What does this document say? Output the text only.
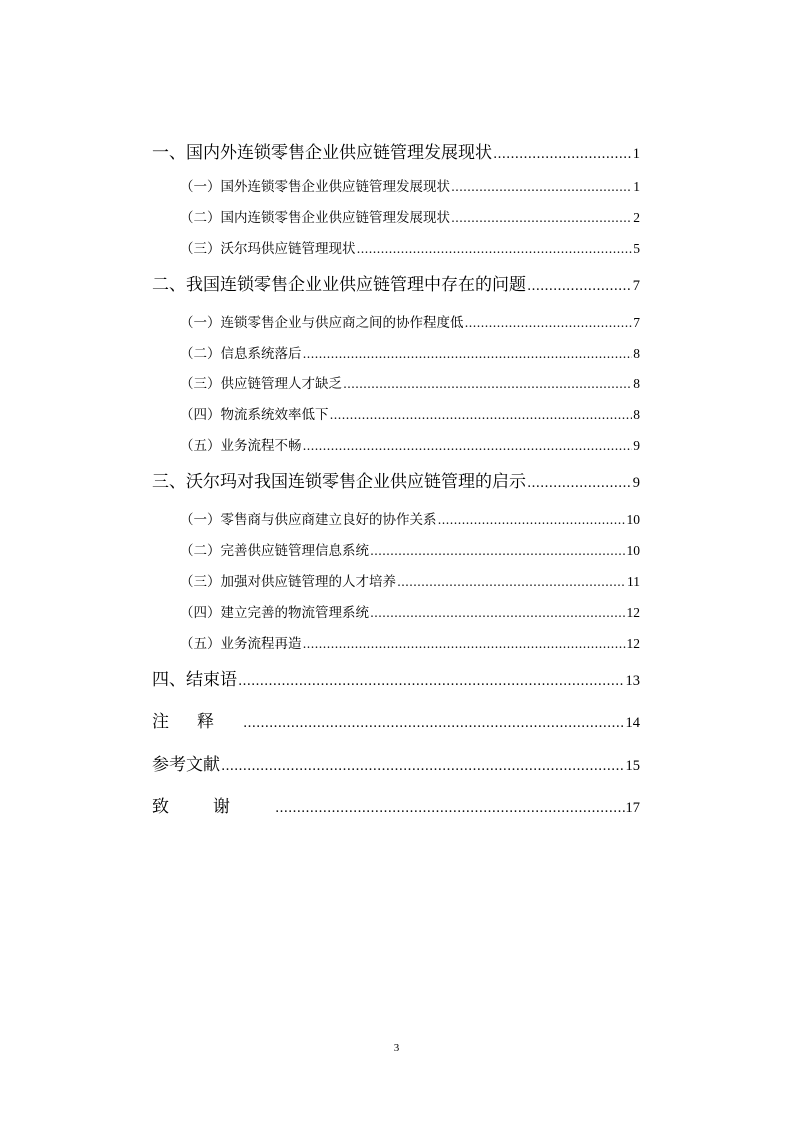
一、国内外连锁零售企业供应链管理发展现状 ………………………………………………………………………………………………………………………………………………	1
（一）国外连锁零售企业供应链管理发展现状 ………………………………………………………………………………………………………………………………………………	1
（二）国内连锁零售企业供应链管理发展现状 ………………………………………………………………………………………………………………………………………………	2
（三）沃尔玛供应链管理现状 ………………………………………………………………………………………………………………………………………………	5
二、我国连锁零售企业业供应链管理中存在的问题 ………………………………………………………………………………………………………………………………………………	7
（一）连锁零售企业与供应商之间的协作程度低 ………………………………………………………………………………………………………………………………………………	7
（二）信息系统落后 ………………………………………………………………………………………………………………………………………………	8
（三）供应链管理人才缺乏 ………………………………………………………………………………………………………………………………………………	8
（四）物流系统效率低下 ………………………………………………………………………………………………………………………………………………	8
（五）业务流程不畅 ………………………………………………………………………………………………………………………………………………	9
三、沃尔玛对我国连锁零售企业供应链管理的启示 ………………………………………………………………………………………………………………………………………………	9
（一）零售商与供应商建立良好的协作关系 ………………………………………………………………………………………………………………………………………………	10
（二）完善供应链管理信息系统 ………………………………………………………………………………………………………………………………………………	10
（三）加强对供应链管理的人才培养 ………………………………………………………………………………………………………………………………………………	11
（四）建立完善的物流管理系统 ………………………………………………………………………………………………………………………………………………	12
（五）业务流程再造 ………………………………………………………………………………………………………………………………………………	12
四、结束语 ………………………………………………………………………………………………………………………………………………	13
注释 ………………………………………………………………………………………………………………………………………………	14
参考文献 ………………………………………………………………………………………………………………………………………………	15
致谢 ………………………………………………………………………………………………………………………………………………	17
3
